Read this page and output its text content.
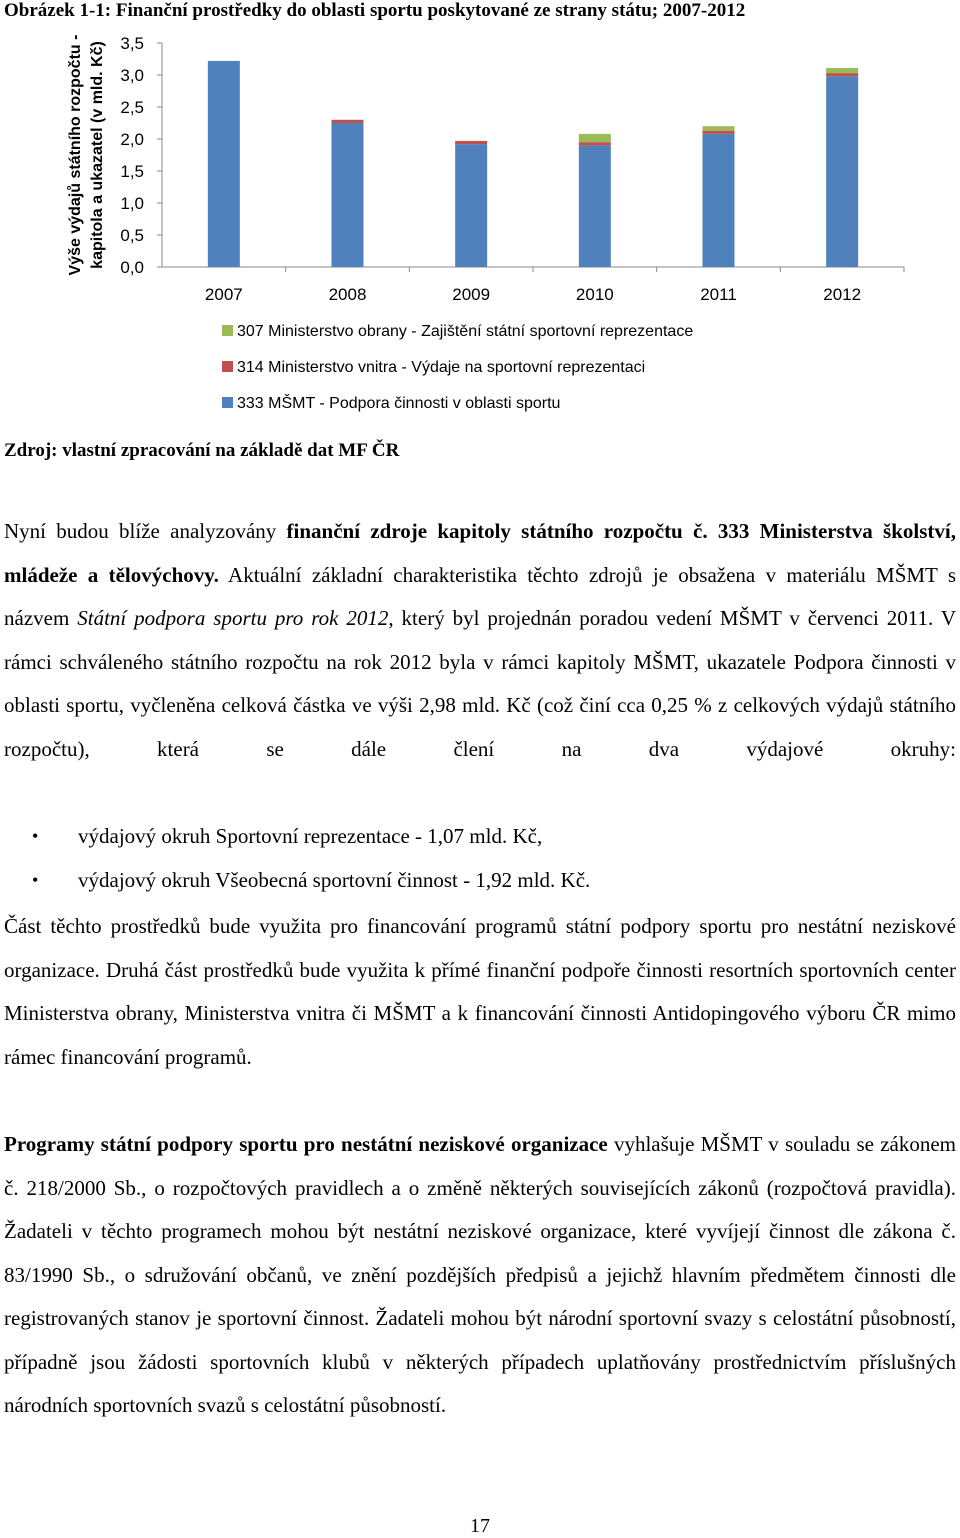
Obrázek 1-1: Finanční prostředky do oblasti sportu poskytované ze strany státu; 2007-2012
0,0
0,5
1,0
1,5
2,0
2,5
3,0
3,5
Výše výdajů státního rozpočtu - kapitola a ukazatel (v mld. Kč)
2007	2008	2009	2010	2011	2012
307 Ministerstvo obrany - Zajištění státní sportovní reprezentace
314 Ministerstvo vnitra - Výdaje na sportovní reprezentaci
333 MŠMT - Podpora činnosti v oblasti sportu
Zdroj: vlastní zpracování na základě dat MF ČR

Nyní budou blíže analyzovány finanční zdroje kapitoly státního rozpočtu č. 333 Ministerstva školství, mládeže a tělovýchovy. Aktuální základní charakteristika těchto zdrojů je obsažena v materiálu MŠMT s názvem Státní podpora sportu pro rok 2012, který byl projednán poradou vedení MŠMT v červenci 2011. V rámci schváleného státního rozpočtu na rok 2012 byla v rámci kapitoly MŠMT, ukazatele Podpora činnosti v oblasti sportu, vyčleněna celková částka ve výši 2,98 mld. Kč (což činí cca 0,25 % z celkových výdajů státního rozpočtu), která se dále člení na dva výdajové okruhy:

• výdajový okruh Sportovní reprezentace - 1,07 mld. Kč,
• výdajový okruh Všeobecná sportovní činnost - 1,92 mld. Kč.

Část těchto prostředků bude využita pro financování programů státní podpory sportu pro nestátní neziskové organizace. Druhá část prostředků bude využita k přímé finanční podpoře činnosti resortních sportovních center Ministerstva obrany, Ministerstva vnitra či MŠMT a k financování činnosti Antidopingového výboru ČR mimo rámec financování programů.

Programy státní podpory sportu pro nestátní neziskové organizace vyhlašuje MŠMT v souladu se zákonem č. 218/2000 Sb., o rozpočtových pravidlech a o změně některých souvisejících zákonů (rozpočtová pravidla). Žadateli v těchto programech mohou být nestátní neziskové organizace, které vyvíjejí činnost dle zákona č. 83/1990 Sb., o sdružování občanů, ve znění pozdějších předpisů a jejichž hlavním předmětem činnosti dle registrovaných stanov je sportovní činnost. Žadateli mohou být národní sportovní svazy s celostátní působností, případně jsou žádosti sportovních klubů v některých případech uplatňovány prostřednictvím příslušných národních sportovních svazů s celostátní působností.

17
